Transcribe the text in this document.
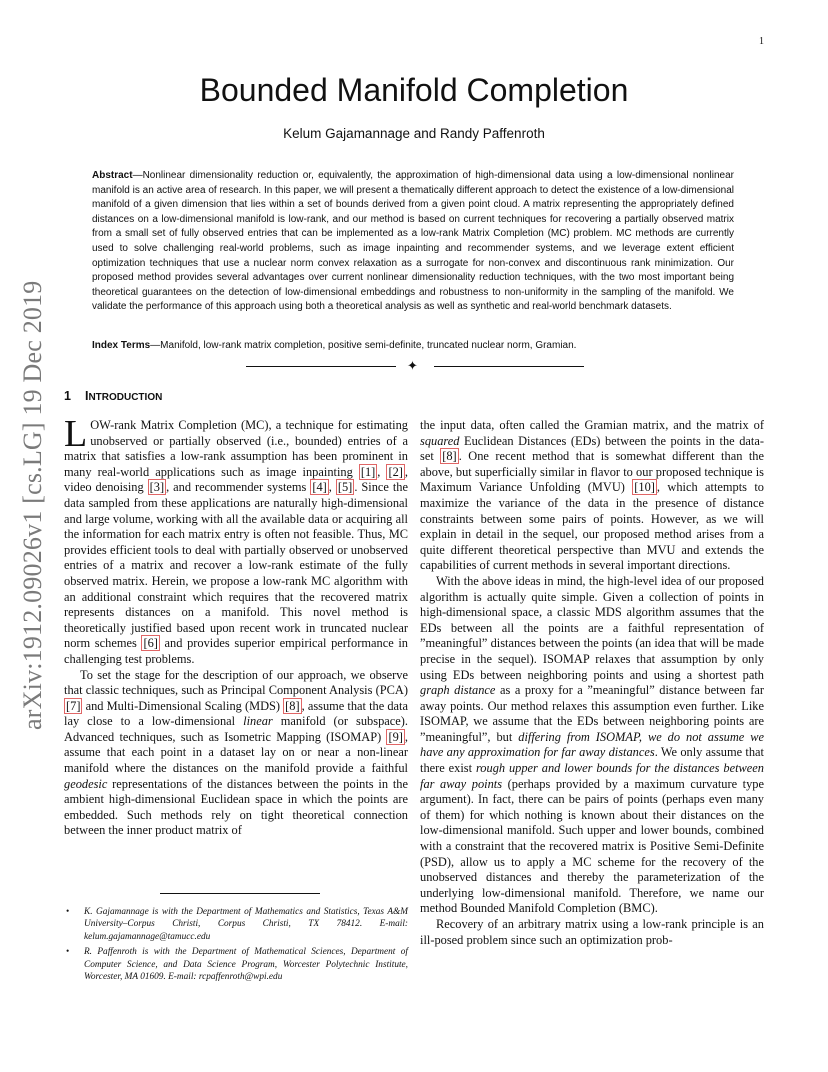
1
arXiv:1912.09026v1 [cs.LG] 19 Dec 2019
Bounded Manifold Completion
Kelum Gajamannage and Randy Paffenroth

Abstract—Nonlinear dimensionality reduction or, equivalently, the approximation of high-dimensional data using a low-dimensional nonlinear manifold is an active area of research. In this paper, we will present a thematically different approach to detect the existence of a low-dimensional manifold of a given dimension that lies within a set of bounds derived from a given point cloud. A matrix representing the appropriately defined distances on a low-dimensional manifold is low-rank, and our method is based on current techniques for recovering a partially observed matrix from a small set of fully observed entries that can be implemented as a low-rank Matrix Completion (MC) problem. MC methods are currently used to solve challenging real-world problems, such as image inpainting and recommender systems, and we leverage extent efficient optimization techniques that use a nuclear norm convex relaxation as a surrogate for non-convex and discontinuous rank minimization. Our proposed method provides several advantages over current nonlinear dimensionality reduction techniques, with the two most important being theoretical guarantees on the detection of low-dimensional embeddings and robustness to non-uniformity in the sampling of the manifold. We validate the performance of this approach using both a theoretical analysis as well as synthetic and real-world benchmark datasets.

Index Terms—Manifold, low-rank matrix completion, positive semi-definite, truncated nuclear norm, Gramian.

✦
1 INTRODUCTION

LOW-rank Matrix Completion (MC), a technique for estimating unobserved or partially observed (i.e., bounded) entries of a matrix that satisfies a low-rank assumption has been prominent in many real-world applications such as image inpainting [1] , [2] , video denoising [3] , and recommender systems [4] , [5] . Since the data sampled from these applications are naturally high-dimensional and large volume, working with all the available data or acquiring all the information for each matrix entry is often not feasible. Thus, MC provides efficient tools to deal with partially observed or unobserved entries of a matrix and recover a low-rank estimate of the fully observed matrix. Herein, we propose a low-rank MC algorithm with an additional constraint which requires that the recovered matrix represents distances on a manifold. This novel method is theoretically justified based upon recent work in truncated nuclear norm schemes [6] and provides superior empirical performance in challenging test problems.

To set the stage for the description of our approach, we observe that classic techniques, such as Principal Component Analysis (PCA) [7] and Multi-Dimensional Scaling (MDS) [8] , assume that the data lay close to a low-dimensional linear manifold (or subspace). Advanced techniques, such as Isometric Mapping (ISOMAP) [9] , assume that each point in a dataset lay on or near a non-linear manifold where the distances on the manifold provide a faithful geodesic representations of the distances between the points in the ambient high-dimensional Euclidean space in which the points are embedded. Such methods rely on tight theoretical connection between the inner product matrix of

• K. Gajamannage is with the Department of Mathematics and Statistics, Texas A&M University–Corpus Christi, Corpus Christi, TX 78412. E-mail: kelum.gajamannage@tamucc.edu
• R. Paffenroth is with the Department of Mathematical Sciences, Department of Computer Science, and Data Science Program, Worcester Polytechnic Institute, Worcester, MA 01609. E-mail: rcpaffenroth@wpi.edu

the input data, often called the Gramian matrix, and the matrix of squared Euclidean Distances (EDs) between the points in the data-set [8] . One recent method that is somewhat different than the above, but superficially similar in flavor to our proposed technique is Maximum Variance Unfolding (MVU) [10] , which attempts to maximize the variance of the data in the presence of distance constraints between some pairs of points. However, as we will explain in detail in the sequel, our proposed method arises from a quite different theoretical perspective than MVU and extends the capabilities of current methods in several important directions.

With the above ideas in mind, the high-level idea of our proposed algorithm is actually quite simple. Given a collection of points in high-dimensional space, a classic MDS algorithm assumes that the EDs between all the points are a faithful representation of ”meaningful” distances between the points (an idea that will be made precise in the sequel). ISOMAP relaxes that assumption by only using EDs between neighboring points and using a shortest path graph distance as a proxy for a ”meaningful” distance between far away points. Our method relaxes this assumption even further. Like ISOMAP, we assume that the EDs between neighboring points are ”meaningful”, but differing from ISOMAP, we do not assume we have any approximation for far away distances. We only assume that there exist rough upper and lower bounds for the distances between far away points (perhaps provided by a maximum curvature type argument). In fact, there can be pairs of points (perhaps even many of them) for which nothing is known about their distances on the low-dimensional manifold. Such upper and lower bounds, combined with a constraint that the recovered matrix is Positive Semi-Definite (PSD), allow us to apply a MC scheme for the recovery of the unobserved distances and thereby the parameterization of the underlying low-dimensional manifold. Therefore, we name our method Bounded Manifold Completion (BMC).

Recovery of an arbitrary matrix using a low-rank principle is an ill-posed problem since such an optimization prob-
